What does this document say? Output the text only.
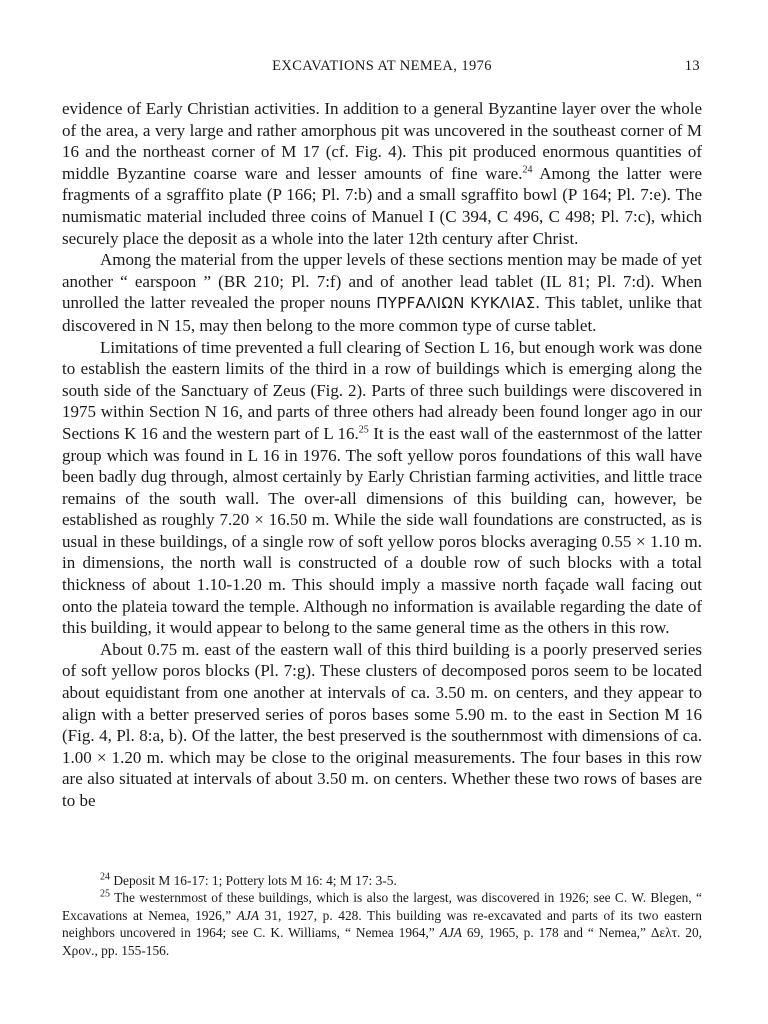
EXCAVATIONS AT NEMEA, 1976	13

evidence of Early Christian activities. In addition to a general Byzantine layer over the whole of the area, a very large and rather amorphous pit was uncovered in the southeast corner of M 16 and the northeast corner of M 17 (cf. Fig. 4). This pit produced enormous quantities of middle Byzantine coarse ware and lesser amounts of fine ware.$^{24}$ Among the latter were fragments of a sgraffito plate (P 166; Pl. 7:b) and a small sgraffito bowl (P 164; Pl. 7:e). The numismatic material included three coins of Manuel I (C 394, C 496, C 498; Pl. 7:c), which securely place the deposit as a whole into the later 12th century after Christ.

Among the material from the upper levels of these sections mention may be made of yet another “ earspoon ” (BR 210; Pl. 7:f) and of another lead tablet (IL 81; Pl. 7:d). When unrolled the latter revealed the proper nouns ΠΥΡϜΑΛΙΩΝ ΚΥΚΛΙΑΣ. This tablet, unlike that discovered in N 15, may then belong to the more common type of curse tablet.

Limitations of time prevented a full clearing of Section L 16, but enough work was done to establish the eastern limits of the third in a row of buildings which is emerging along the south side of the Sanctuary of Zeus (Fig. 2). Parts of three such buildings were discovered in 1975 within Section N 16, and parts of three others had already been found longer ago in our Sections K 16 and the western part of L 16.25 It is the east wall of the easternmost of the latter group which was found in L 16 in 1976. The soft yellow poros foundations of this wall have been badly dug through, almost certainly by Early Christian farming activities, and little trace remains of the south wall. The over-all dimensions of this building can, however, be established as roughly 7.20 × 16.50 m. While the side wall foundations are constructed, as is usual in these buildings, of a single row of soft yellow poros blocks averaging 0.55 × 1.10 m. in dimensions, the north wall is constructed of a double row of such blocks with a total thickness of about 1.10-1.20 m. This should imply a massive north façade wall facing out onto the plateia toward the temple. Although no information is available regarding the date of this building, it would appear to belong to the same general time as the others in this row.

About 0.75 m. east of the eastern wall of this third building is a poorly preserved series of soft yellow poros blocks (Pl. 7:g). These clusters of decomposed poros seem to be located about equidistant from one another at intervals of ca. 3.50 m. on centers, and they appear to align with a better preserved series of poros bases some 5.90 m. to the east in Section M 16 (Fig. 4, Pl. 8:a, b). Of the latter, the best preserved is the southernmost with dimensions of ca. 1.00 × 1.20 m. which may be close to the original measurements. The four bases in this row are also situated at intervals of about 3.50 m. on centers. Whether these two rows of bases are to be

$^{24}$ Deposit M 16-17: 1; Pottery lots M 16: 4; M 17: 3-5.

$^{25}$ The westernmost of these buildings, which is also the largest, was discovered in 1926; see C. W. Blegen, “ Excavations at Nemea, 1926,” AJA 31, 1927, p. 428. This building was re-excavated and parts of its two eastern neighbors uncovered in 1964; see C. K. Williams, “ Nemea 1964,” AJA 69, 1965, p. 178 and “ Nemea,” Δελτ. 20, Χρον., pp. 155-156.
